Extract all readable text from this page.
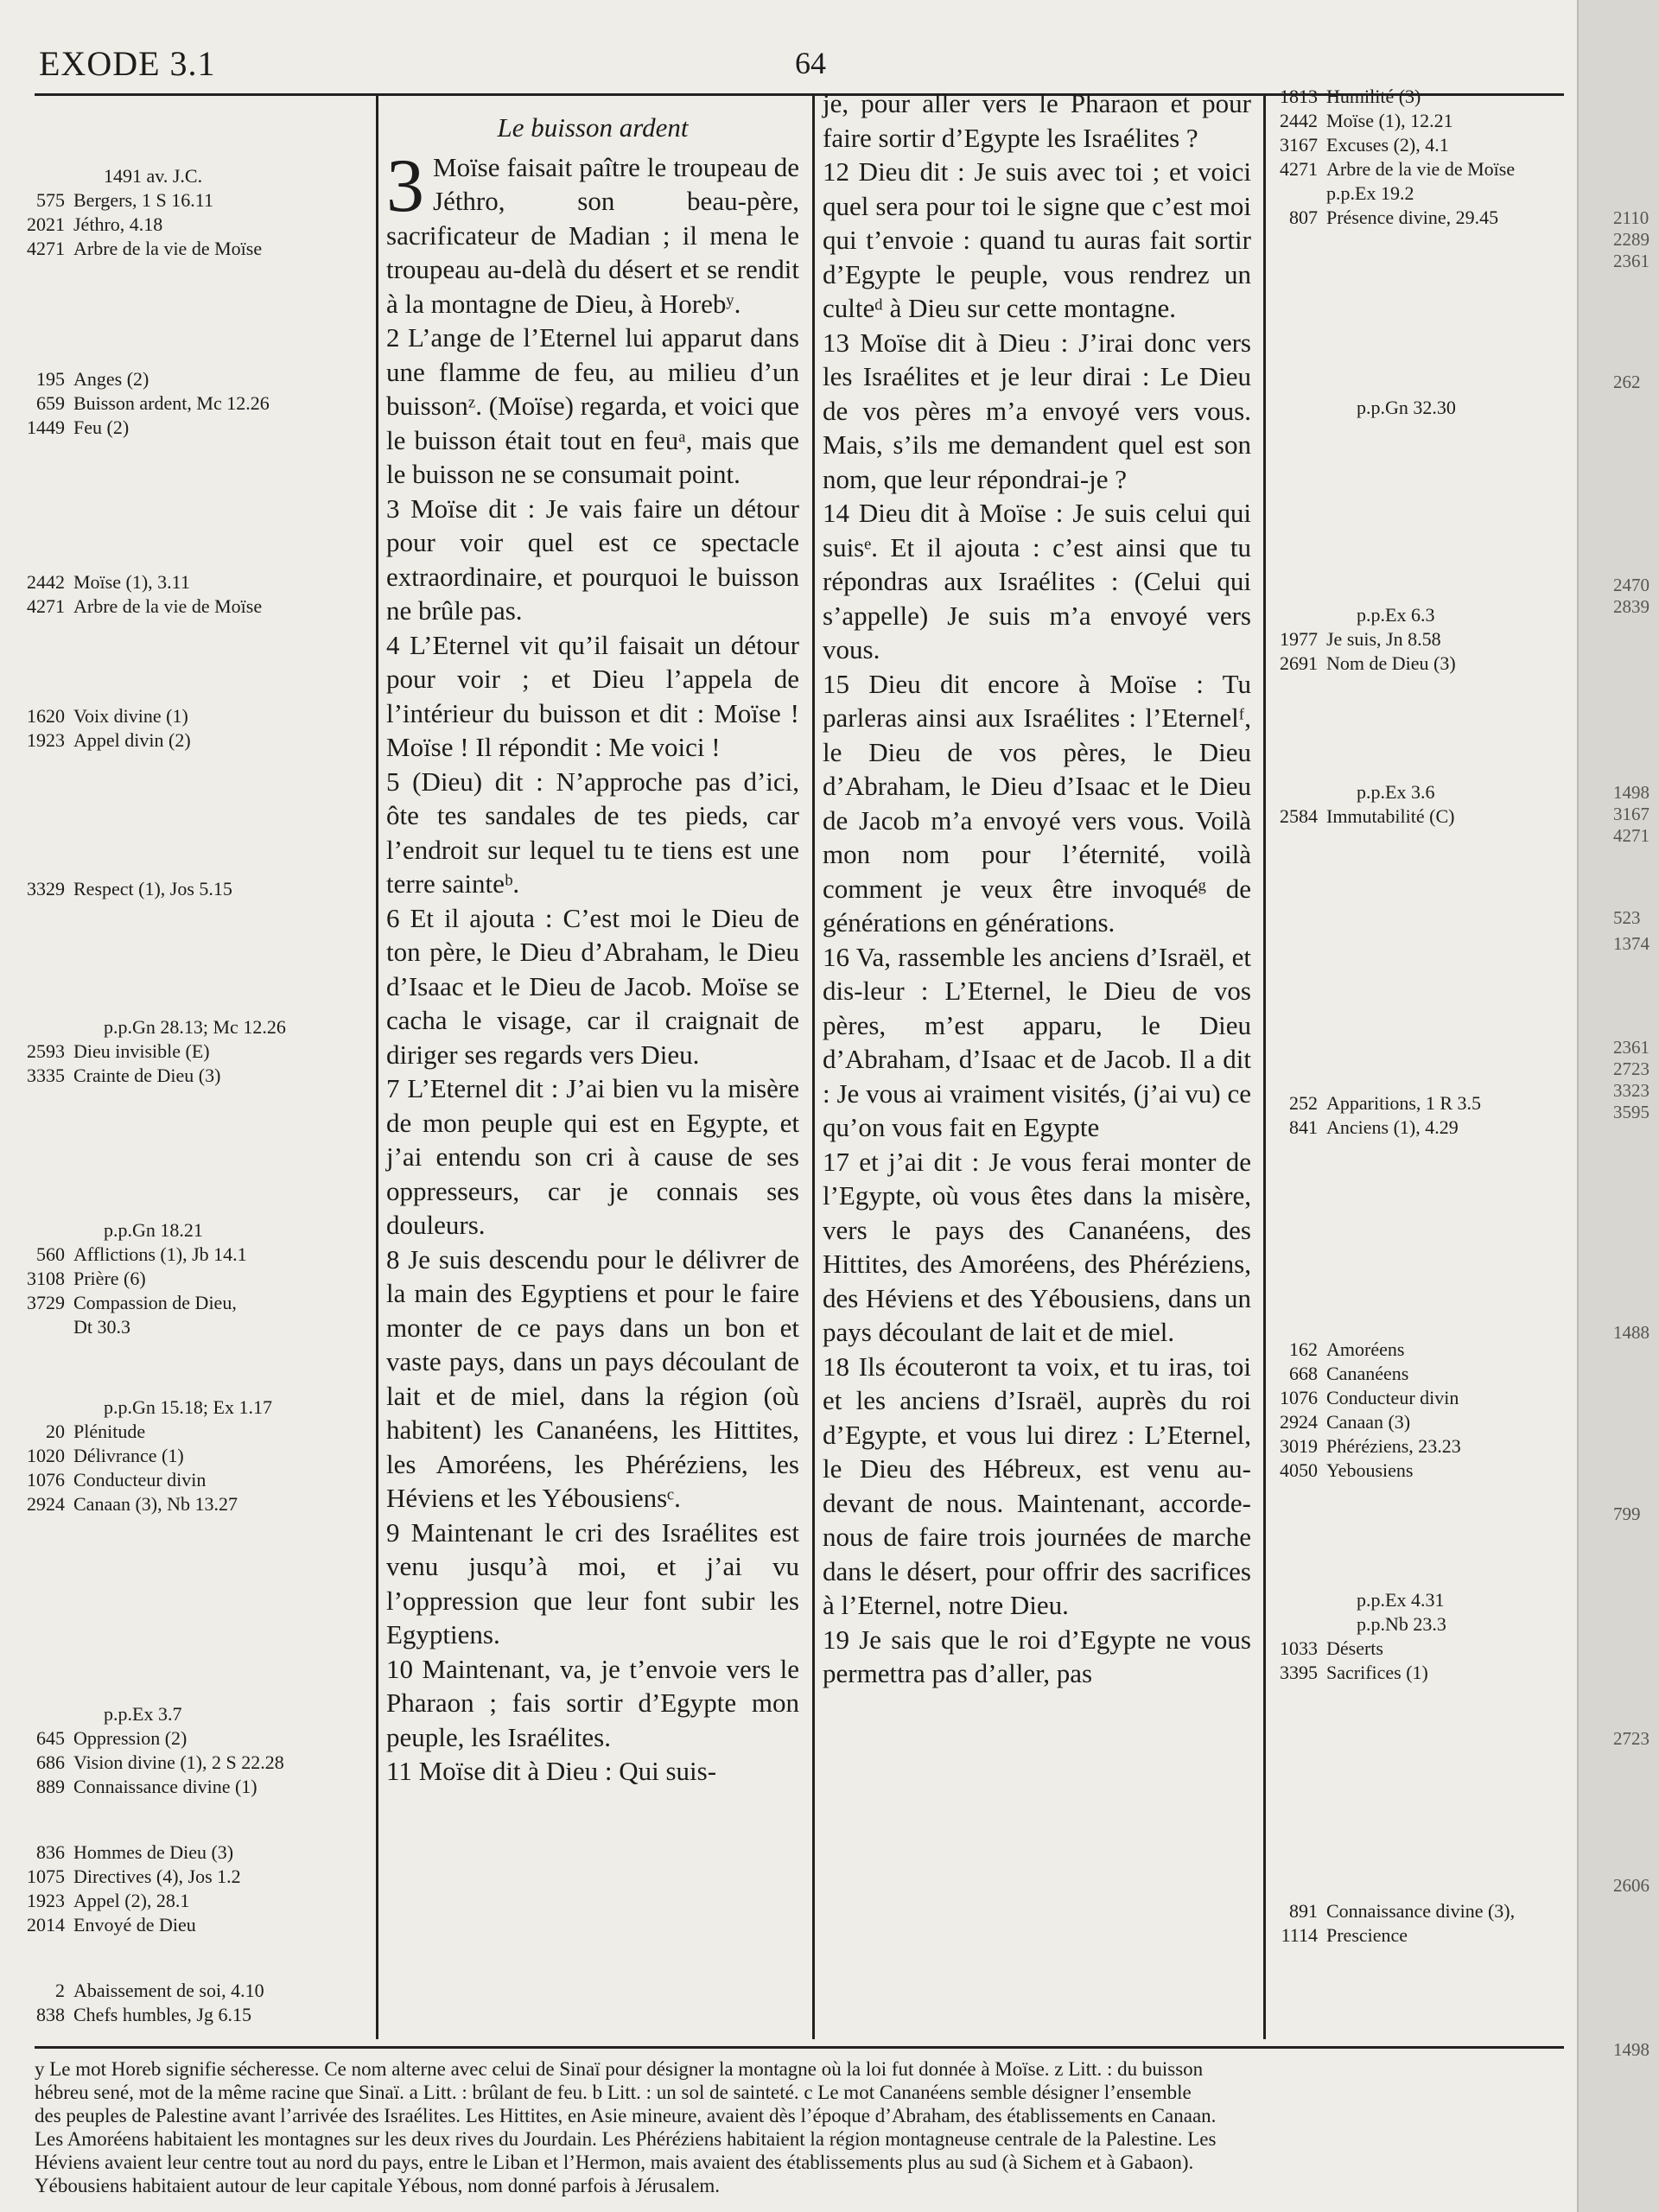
EXODE 3.1	64
1491 av. J.C.
575 Bergers, 1 S 16.11
2021 Jéthro, 4.18
4271 Arbre de la vie de Moïse
195 Anges (2)
659 Buisson ardent, Mc 12.26
1449 Feu (2)
2442 Moïse (1), 3.11
4271 Arbre de la vie de Moïse
1620 Voix divine (1)
1923 Appel divin (2)
3329 Respect (1), Jos 5.15
p.p.Gn 28.13; Mc 12.26
2593 Dieu invisible (E)
3335 Crainte de Dieu (3)
p.p.Gn 18.21
560 Afflictions (1), Jb 14.1
3108 Prière (6)
3729 Compassion de Dieu,
Dt 30.3
p.p.Gn 15.18; Ex 1.17
20 Plénitude
1020 Délivrance (1)
1076 Conducteur divin
2924 Canaan (3), Nb 13.27
p.p.Ex 3.7
645 Oppression (2)
686 Vision divine (1), 2 S 22.28
889 Connaissance divine (1)
836 Hommes de Dieu (3)
1075 Directives (4), Jos 1.2
1923 Appel (2), 28.1
2014 Envoyé de Dieu
2 Abaissement de soi, 4.10
838 Chefs humbles, Jg 6.15
Le buisson ardent
3 Moïse faisait paître le troupeau de Jéthro, son beau-père, sacrificateur de Madian ; il mena le troupeau au-delà du désert et se rendit à la montagne de Dieu, à Horebʸ.
2 L’ange de l’Eternel lui apparut dans une flamme de feu, au milieu d’un buissonᶻ. (Moïse) regarda, et voici que le buisson était tout en feuᵃ, mais que le buisson ne se consumait point.
3 Moïse dit : Je vais faire un détour pour voir quel est ce spectacle extraordinaire, et pourquoi le buisson ne brûle pas.
4 L’Eternel vit qu’il faisait un détour pour voir ; et Dieu l’appela de l’intérieur du buisson et dit : Moïse ! Moïse ! Il répondit : Me voici !
5 (Dieu) dit : N’approche pas d’ici, ôte tes sandales de tes pieds, car l’endroit sur lequel tu te tiens est une terre sainteᵇ.
6 Et il ajouta : C’est moi le Dieu de ton père, le Dieu d’Abraham, le Dieu d’Isaac et le Dieu de Jacob. Moïse se cacha le visage, car il craignait de diriger ses regards vers Dieu.
7 L’Eternel dit : J’ai bien vu la misère de mon peuple qui est en Egypte, et j’ai entendu son cri à cause de ses oppresseurs, car je connais ses douleurs.
8 Je suis descendu pour le délivrer de la main des Egyptiens et pour le faire monter de ce pays dans un bon et vaste pays, dans un pays découlant de lait et de miel, dans la région (où habitent) les Cananéens, les Hittites, les Amoréens, les Phéréziens, les Héviens et les Yébousiensᶜ.
9 Maintenant le cri des Israélites est venu jusqu’à moi, et j’ai vu l’oppression que leur font subir les Egyptiens.
10 Maintenant, va, je t’envoie vers le Pharaon ; fais sortir d’Egypte mon peuple, les Israélites.
11 Moïse dit à Dieu : Qui suis-
je, pour aller vers le Pharaon et pour faire sortir d’Egypte les Israélites ?
12 Dieu dit : Je suis avec toi ; et voici quel sera pour toi le signe que c’est moi qui t’envoie : quand tu auras fait sortir d’Egypte le peuple, vous rendrez un culteᵈ à Dieu sur cette montagne.
13 Moïse dit à Dieu : J’irai donc vers les Israélites et je leur dirai : Le Dieu de vos pères m’a envoyé vers vous. Mais, s’ils me demandent quel est son nom, que leur répondrai-je ?
14 Dieu dit à Moïse : Je suis celui qui suisᵉ. Et il ajouta : c’est ainsi que tu répondras aux Israélites : (Celui qui s’appelle) Je suis m’a envoyé vers vous.
15 Dieu dit encore à Moïse : Tu parleras ainsi aux Israélites : l’Eternelᶠ, le Dieu de vos pères, le Dieu d’Abraham, le Dieu d’Isaac et le Dieu de Jacob m’a envoyé vers vous. Voilà mon nom pour l’éternité, voilà comment je veux être invoquéᵍ de générations en générations.
16 Va, rassemble les anciens d’Israël, et dis-leur : L’Eternel, le Dieu de vos pères, m’est apparu, le Dieu d’Abraham, d’Isaac et de Jacob. Il a dit : Je vous ai vraiment visités, (j’ai vu) ce qu’on vous fait en Egypte
17 et j’ai dit : Je vous ferai monter de l’Egypte, où vous êtes dans la misère, vers le pays des Cananéens, des Hittites, des Amoréens, des Phéréziens, des Héviens et des Yébousiens, dans un pays découlant de lait et de miel.
18 Ils écouteront ta voix, et tu iras, toi et les anciens d’Israël, auprès du roi d’Egypte, et vous lui direz : L’Eternel, le Dieu des Hébreux, est venu au-devant de nous. Maintenant, accorde-nous de faire trois journées de marche dans le désert, pour offrir des sacrifices à l’Eternel, notre Dieu.
19 Je sais que le roi d’Egypte ne vous permettra pas d’aller, pas
1813 Humilité (3)
2442 Moïse (1), 12.21
3167 Excuses (2), 4.1
4271 Arbre de la vie de Moïse
p.p.Ex 19.2
807 Présence divine, 29.45
p.p.Gn 32.30
p.p.Ex 6.3
1977 Je suis, Jn 8.58
2691 Nom de Dieu (3)
p.p.Ex 3.6
2584 Immutabilité (C)
252 Apparitions, 1 R 3.5
841 Anciens (1), 4.29
162 Amoréens
668 Cananéens
1076 Conducteur divin
2924 Canaan (3)
3019 Phéréziens, 23.23
4050 Yebousiens
p.p.Ex 4.31
p.p.Nb 23.3
1033 Déserts
3395 Sacrifices (1)
891 Connaissance divine (3),
1114 Prescience
y Le mot Horeb signifie sécheresse. Ce nom alterne avec celui de Sinaï pour désigner la montagne où la loi fut donnée à Moïse. z Litt. : du buisson
hébreu sené, mot de la même racine que Sinaï. a Litt. : brûlant de feu. b Litt. : un sol de sainteté. c Le mot Cananéens semble désigner l’ensemble
des peuples de Palestine avant l’arrivée des Israélites. Les Hittites, en Asie mineure, avaient dès l’époque d’Abraham, des établissements en Canaan.
Les Amoréens habitaient les montagnes sur les deux rives du Jourdain. Les Phéréziens habitaient la région montagneuse centrale de la Palestine. Les
Héviens avaient leur centre tout au nord du pays, entre le Liban et l’Hermon, mais avaient des établissements plus au sud (à Sichem et à Gabaon).
Yébousiens habitaient autour de leur capitale Yébous, nom donné parfois à Jérusalem.
2110
2289
2361
262
2470
2839
1498
3167
4271
523
1374
2361
2723
3323
3595
1488
799
2723
2606
1498
